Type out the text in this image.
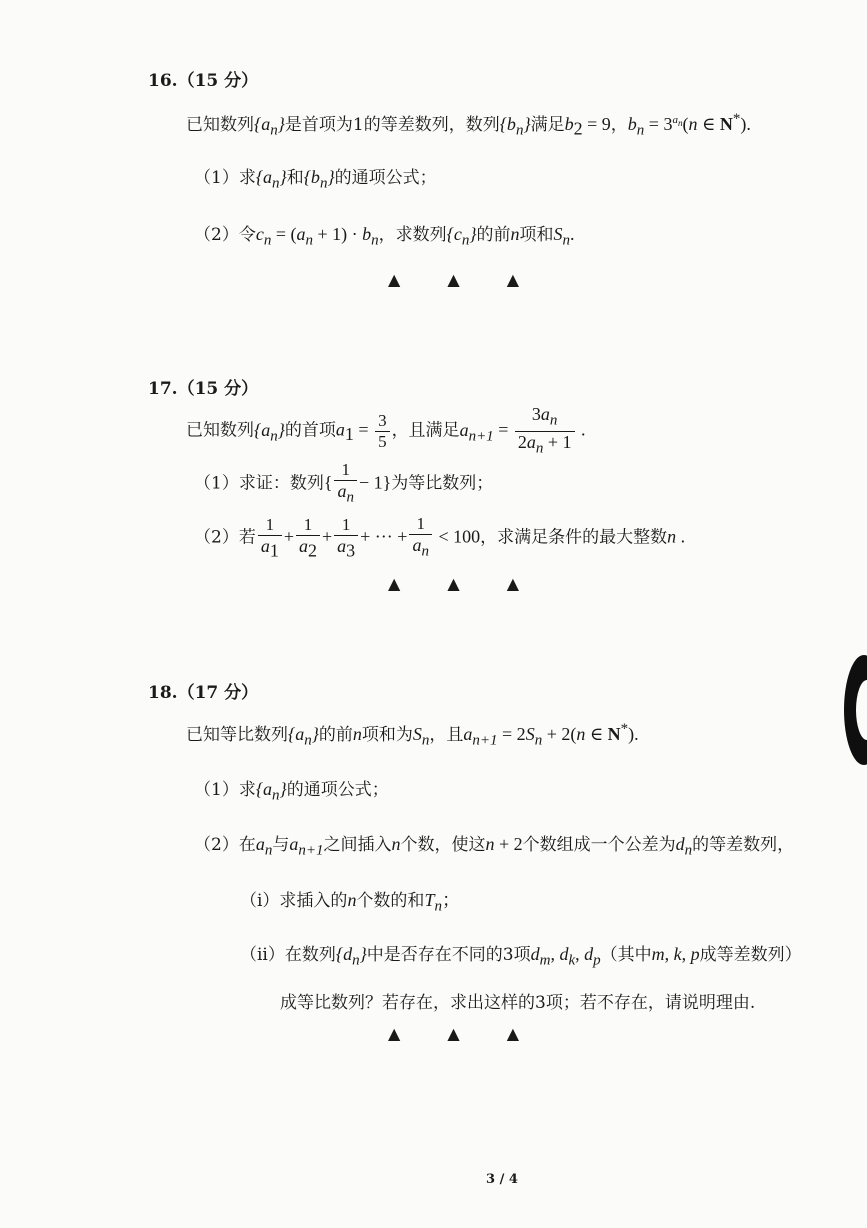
16.（15 分）
已知数列$\{a_n\}$是首项为1的等差数列，数列$\{b_n\}$满足$b_2 = 9$，$b_n = 3^{a_n}(n$ ∈ N*).
（1）求$\{a_n\}$和$\{b_n\}$的通项公式；
（2）令$c_n = (a_n + 1) \cdot b_n$，求数列$\{c_n\}$的前n项和$S_n$.
▲ ▲ ▲
17.（15 分）
已知数列$\{a_n\}$的首项$a_1 = \frac{3}{5}$ ，且满足$a_{n+1} = \frac{3a_n}{2a_n + 1}$ .
（1）求证：数列{ $\frac{1}{a_n} - 1$}为等比数列；
（2）若 $\frac{1}{a_1} + \frac{1}{a_2} + \frac{1}{a_3}$ + ··· + $\frac{1}{a_n} < 100$，求满足条件的最大整数n .
▲ ▲ ▲
18.（17 分）
已知等比数列$\{a_n\}$的前n项和为$S_n$，且$a_{n+1} = 2S_n + 2(n$ ∈ N*).
（1）求$\{a_n\}$的通项公式；
（2）在$a_n$与$a_{n+1}$之间插入n个数，使这n + 2个数组成一个公差为$d_n$的等差数列，
（i）求插入的n个数的和$T_n$；
（ii）在数列$\{d_n\}$中是否存在不同的3项$d_m$, $d_k$, $d_p$（其中m, k, p成等差数列）
成等比数列？若存在，求出这样的3项；若不存在，请说明理由.
▲ ▲ ▲
3 / 4
